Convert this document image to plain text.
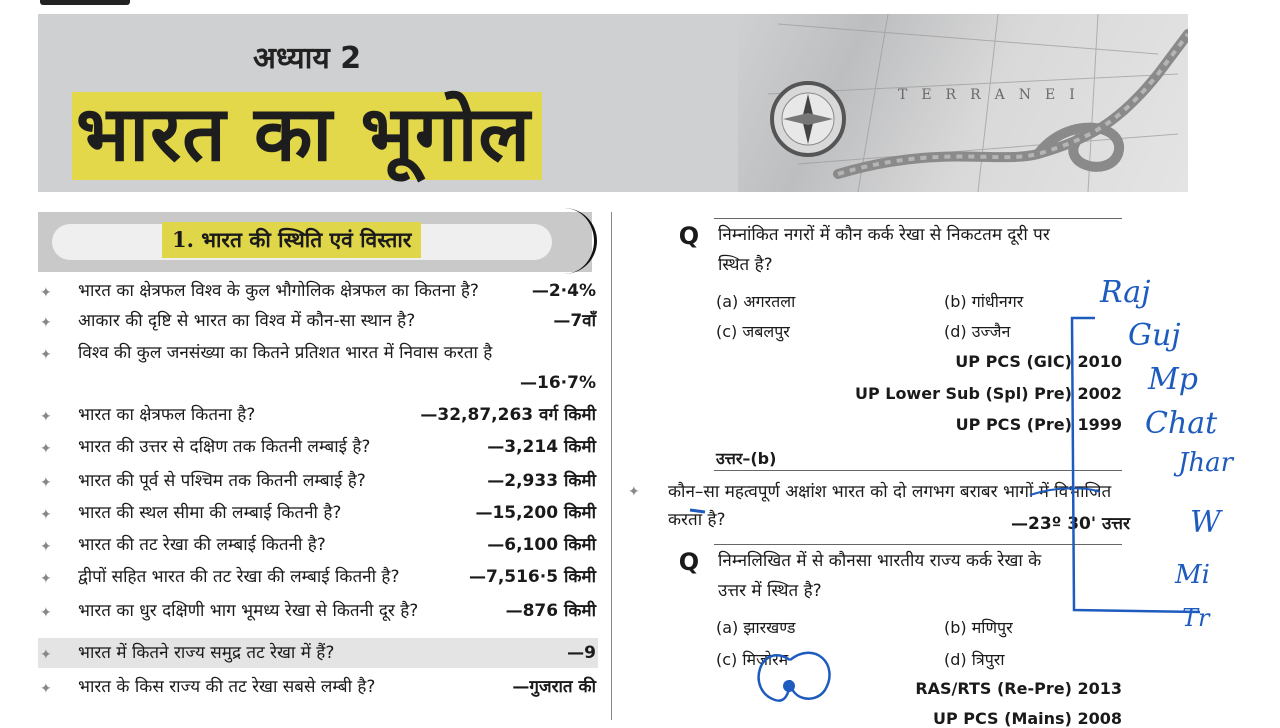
TERRANEI
अध्याय 2
भारत का भूगोल
1. भारत की स्थिति एवं विस्तार
✦ भारत का क्षेत्रफल विश्व के कुल भौगोलिक क्षेत्रफल का कितना है?	—2·4%
✦ आकार की दृष्टि से भारत का विश्व में कौन-सा स्थान है?	—7वाँ
✦ विश्व की कुल जनसंख्या का कितने प्रतिशत भारत में निवास करता है
—16·7%
✦ भारत का क्षेत्रफल कितना है?	—32,87,263 वर्ग किमी
✦ भारत की उत्तर से दक्षिण तक कितनी लम्बाई है?	—3,214 किमी
✦ भारत की पूर्व से पश्चिम तक कितनी लम्बाई है?	—2,933 किमी
✦ भारत की स्थल सीमा की लम्बाई कितनी है?	—15,200 किमी
✦ भारत की तट रेखा की लम्बाई कितनी है?	—6,100 किमी
✦ द्वीपों सहित भारत की तट रेखा की लम्बाई कितनी है?	—7,516·5 किमी
✦ भारत का धुर दक्षिणी भाग भूमध्य रेखा से कितनी दूर है?	—876 किमी
✦ भारत में कितने राज्य समुद्र तट रेखा में हैं?	—9
✦ भारत के किस राज्य की तट रेखा सबसे लम्बी है?	—गुजरात की
Q निम्नांकित नगरों में कौन कर्क रेखा से निकटतम दूरी पर
स्थित है?
(a) अगरतला	(b) गांधीनगर
(c) जबलपुर	(d) उज्जैन
UP PCS (GIC) 2010
UP Lower Sub (Spl) Pre) 2002
UP PCS (Pre) 1999
उत्तर–(b)
✦ कौन–सा महत्वपूर्ण अक्षांश भारत को दो लगभग बराबर भागों में विभाजित
करता है?	—23º 30' उत्तर
Q निम्नलिखित में से कौनसा भारतीय राज्य कर्क रेखा के
उत्तर में स्थित है?
(a) झारखण्ड	(b) मणिपुर
(c) मिजोरम	(d) त्रिपुरा
RAS/RTS (Re-Pre) 2013
UP PCS (Mains) 2008
Raj
Guj
Mp
Chat
Jhar
W
Mi
Tr
